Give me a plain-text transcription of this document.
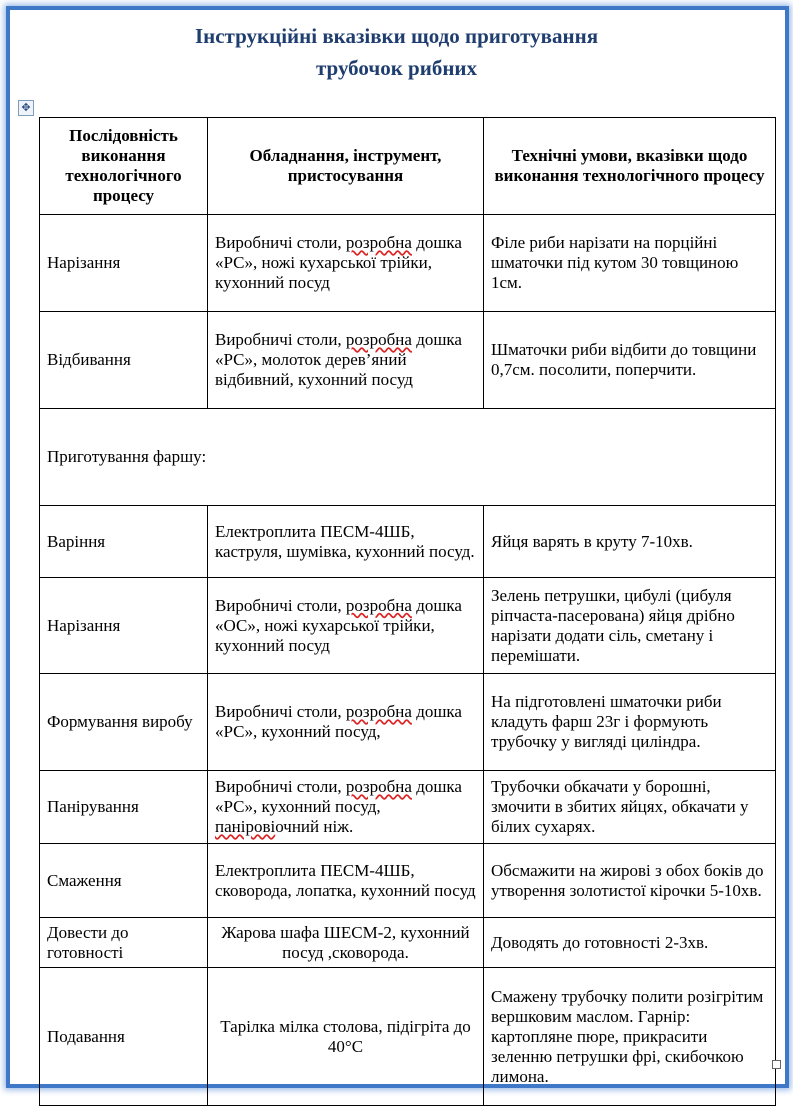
Інструкційні вказівки щодо приготування
трубочок рибних
✥
Послідовність виконання технологічного процесу	Обладнання, інструмент, пристосування	Технічні умови, вказівки щодо виконання технологічного процесу
Нарізання	Виробничі столи, розробна дошка «РС», ножі кухарської трійки, кухонний посуд	Філе риби нарізати на порційні шматочки під кутом 30 товщиною 1см.
Відбивання	Виробничі столи, розробна дошка «РС», молоток дерев’яний відбивний, кухонний посуд	Шматочки риби відбити до товщини 0,7см. посолити, поперчити.
Приготування фаршу:		
Варіння	Електроплита ПЕСМ-4ШБ, каструля, шумівка, кухонний посуд.	Яйця варять в круту 7-10хв.
Нарізання	Виробничі столи, розробна дошка «ОС», ножі кухарської трійки, кухонний посуд	Зелень петрушки, цибулі (цибуля ріпчаста-пасерована) яйця дрібно нарізати додати сіль, сметану і перемішати.
Формування виробу	Виробничі столи, розробна дошка «РС», кухонний посуд,	На підготовлені шматочки риби кладуть фарш 23г і формують трубочку у вигляді циліндра.
Панірування	Виробничі столи, розробна дошка «РС», кухонний посуд, паніровіочний ніж.	Трубочки обкачати у борошні, змочити в збитих яйцях, обкачати у білих сухарях.
Смаження	Електроплита ПЕСМ-4ШБ, сковорода, лопатка, кухонний посуд	Обсмажити на жирові з обох боків до утворення золотистої кірочки 5-10хв.
Довести до готовності	Жарова шафа ШЕСМ-2, кухонний посуд ,сковорода.	Доводять до готовності 2-3хв.
Подавання	Тарілка мілка столова, підігріта до 40°С	Смажену трубочку полити розігрітим вершковим маслом. Гарнір: картопляне пюре, прикрасити зеленню петрушки фрі, скибочкою лимона.
